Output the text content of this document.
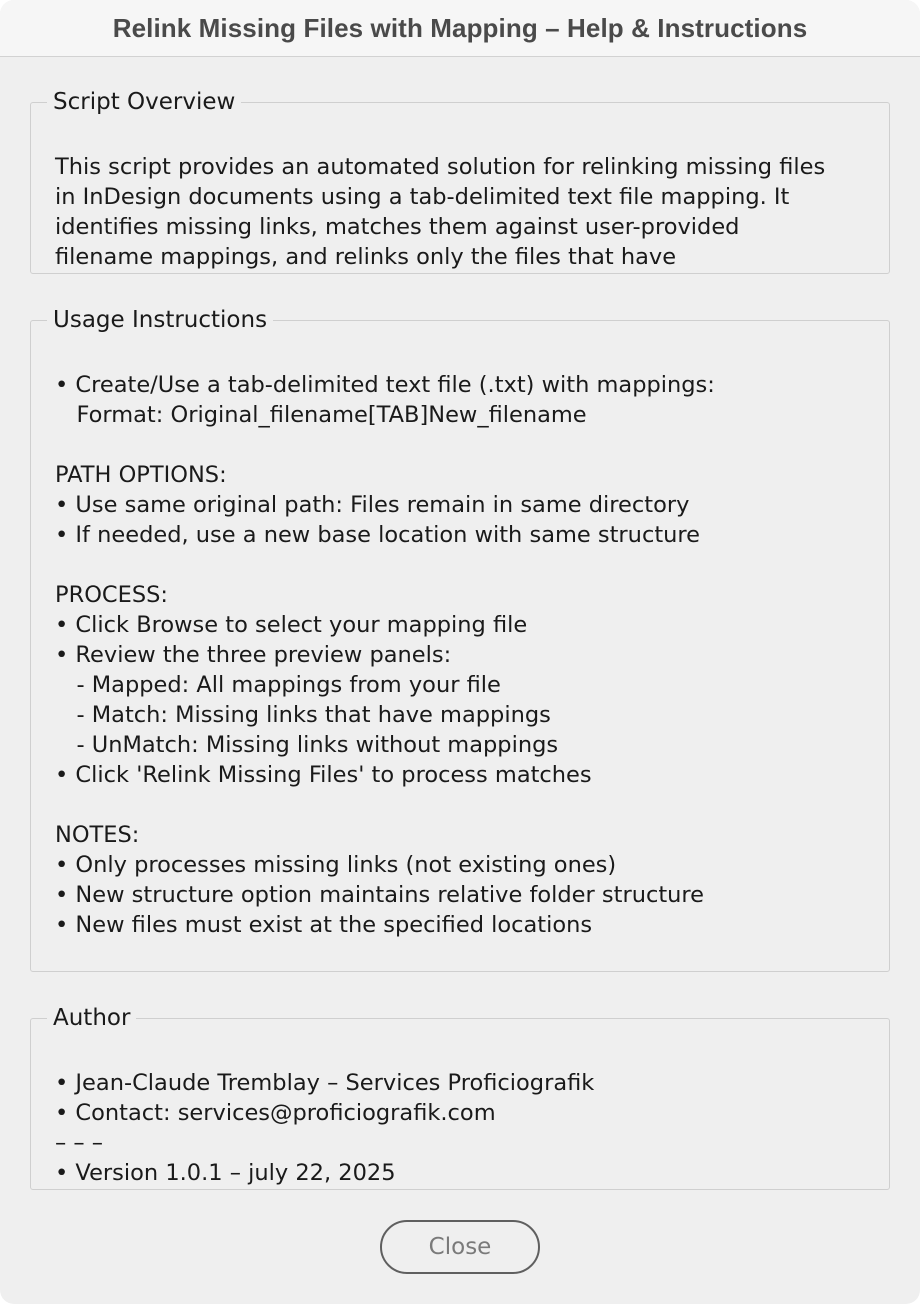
Relink Missing Files with Mapping – Help & Instructions
Script Overview
This script provides an automated solution for relinking missing files
in InDesign documents using a tab-delimited text file mapping. It
identifies missing links, matches them against user-provided
filename mappings, and relinks only the files that have
Usage Instructions
• Create/Use a tab-delimited text file (.txt) with mappings:
Format: Original_filename[TAB]New_filename

PATH OPTIONS:
• Use same original path: Files remain in same directory
• If needed, use a new base location with same structure

PROCESS:
• Click Browse to select your mapping file
• Review the three preview panels:
- Mapped: All mappings from your file
- Match: Missing links that have mappings
- UnMatch: Missing links without mappings
• Click 'Relink Missing Files' to process matches

NOTES:
• Only processes missing links (not existing ones)
• New structure option maintains relative folder structure
• New files must exist at the specified locations
Author
• Jean-Claude Tremblay – Services Proficiografik
• Contact: services@proficiografik.com
– – –
• Version 1.0.1 – july 22, 2025
Close
